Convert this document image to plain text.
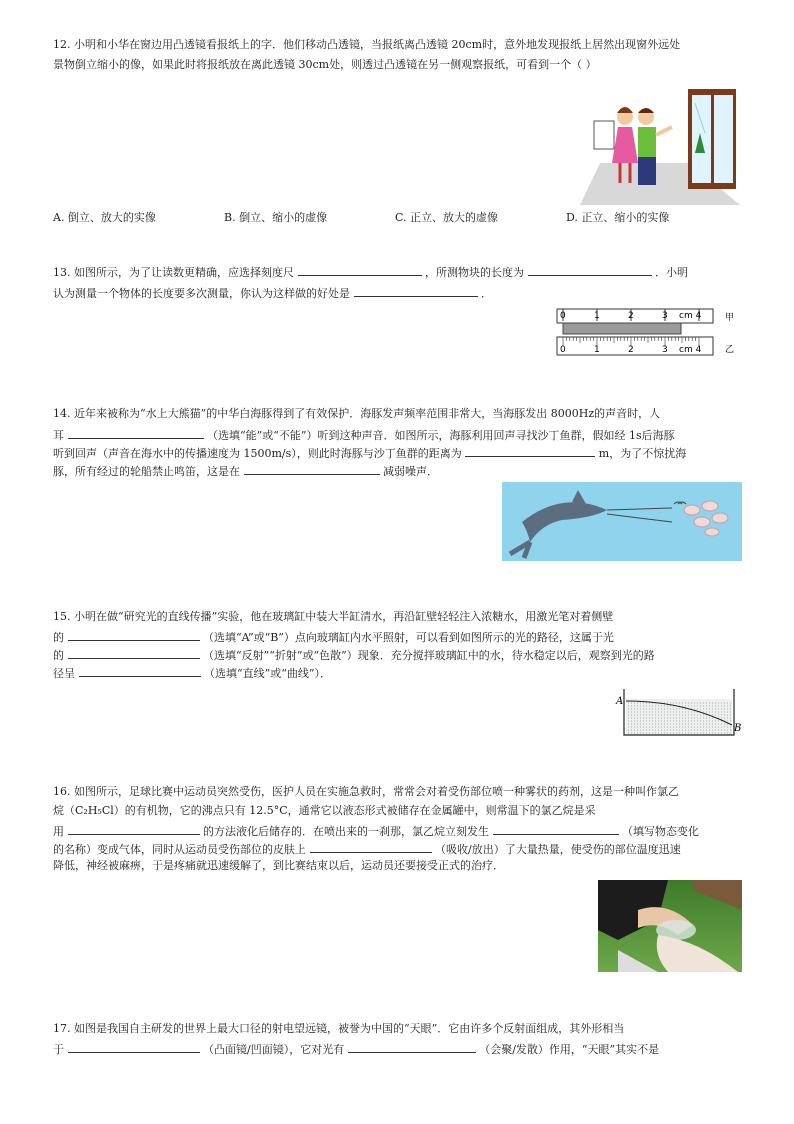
12. 小明和小华在窗边用凸透镜看报纸上的字．他们移动凸透镜，当报纸离凸透镜 20cm时，意外地发现报纸上居然出现窗外远处
景物倒立缩小的像，如果此时将报纸放在离此透镜 30cm处，则透过凸透镜在另一侧观察报纸，可看到一个（ ）
A. 倒立、放大的实像	B. 倒立、缩小的虚像	C. 正立、放大的虚像	D. 正立、缩小的实像
13. 如图所示，为了让读数更精确，应选择刻度尺	，所测物块的长度为	．小明
认为测量一个物体的长度要多次测量，你认为这样做的好处是	．
0	1	2	3 cm 4	甲
0	1	2	3 cm 4	乙
14. 近年来被称为“水上大熊猫”的中华白海豚得到了有效保护．海豚发声频率范围非常大，当海豚发出 8000Hz的声音时，人
耳	（选填“能”或“不能”）听到这种声音．如图所示，海豚利用回声寻找沙丁鱼群，假如经 1s后海豚
听到回声（声音在海水中的传播速度为 1500m/s），则此时海豚与沙丁鱼群的距离为	m，为了不惊扰海
豚，所有经过的轮船禁止鸣笛，这是在	减弱噪声．
15. 小明在做“研究光的直线传播”实验，他在玻璃缸中装大半缸清水，再沿缸壁轻轻注入浓糖水，用激光笔对着侧壁
的	（选填“A”或“B”）点向玻璃缸内水平照射，可以看到如图所示的光的路径，这属于光
的	（选填“反射”“折射”或“色散”）现象．充分搅拌玻璃缸中的水，待水稳定以后，观察到光的路
径呈	（选填“直线”或“曲线”）．
A
B
16. 如图所示，足球比赛中运动员突然受伤，医护人员在实施急救时，常常会对着受伤部位喷一种雾状的药剂，这是一种叫作氯乙
烷（C₂H₅Cl）的有机物，它的沸点只有 12.5°C，通常它以液态形式被储存在金属罐中，则常温下的氯乙烷是采
用	的方法液化后储存的．在喷出来的一刹那，氯乙烷立刻发生	（填写物态变化
的名称）变成气体，同时从运动员受伤部位的皮肤上	（吸收/放出）了大量热量，使受伤的部位温度迅速
降低，神经被麻痹，于是疼痛就迅速缓解了，到比赛结束以后，运动员还要接受正式的治疗．
17. 如图是我国自主研发的世界上最大口径的射电望远镜，被誉为中国的“天眼”．它由许多个反射面组成，其外形相当
于	（凸面镜/凹面镜），它对光有	（会聚/发散）作用，“天眼”其实不是
